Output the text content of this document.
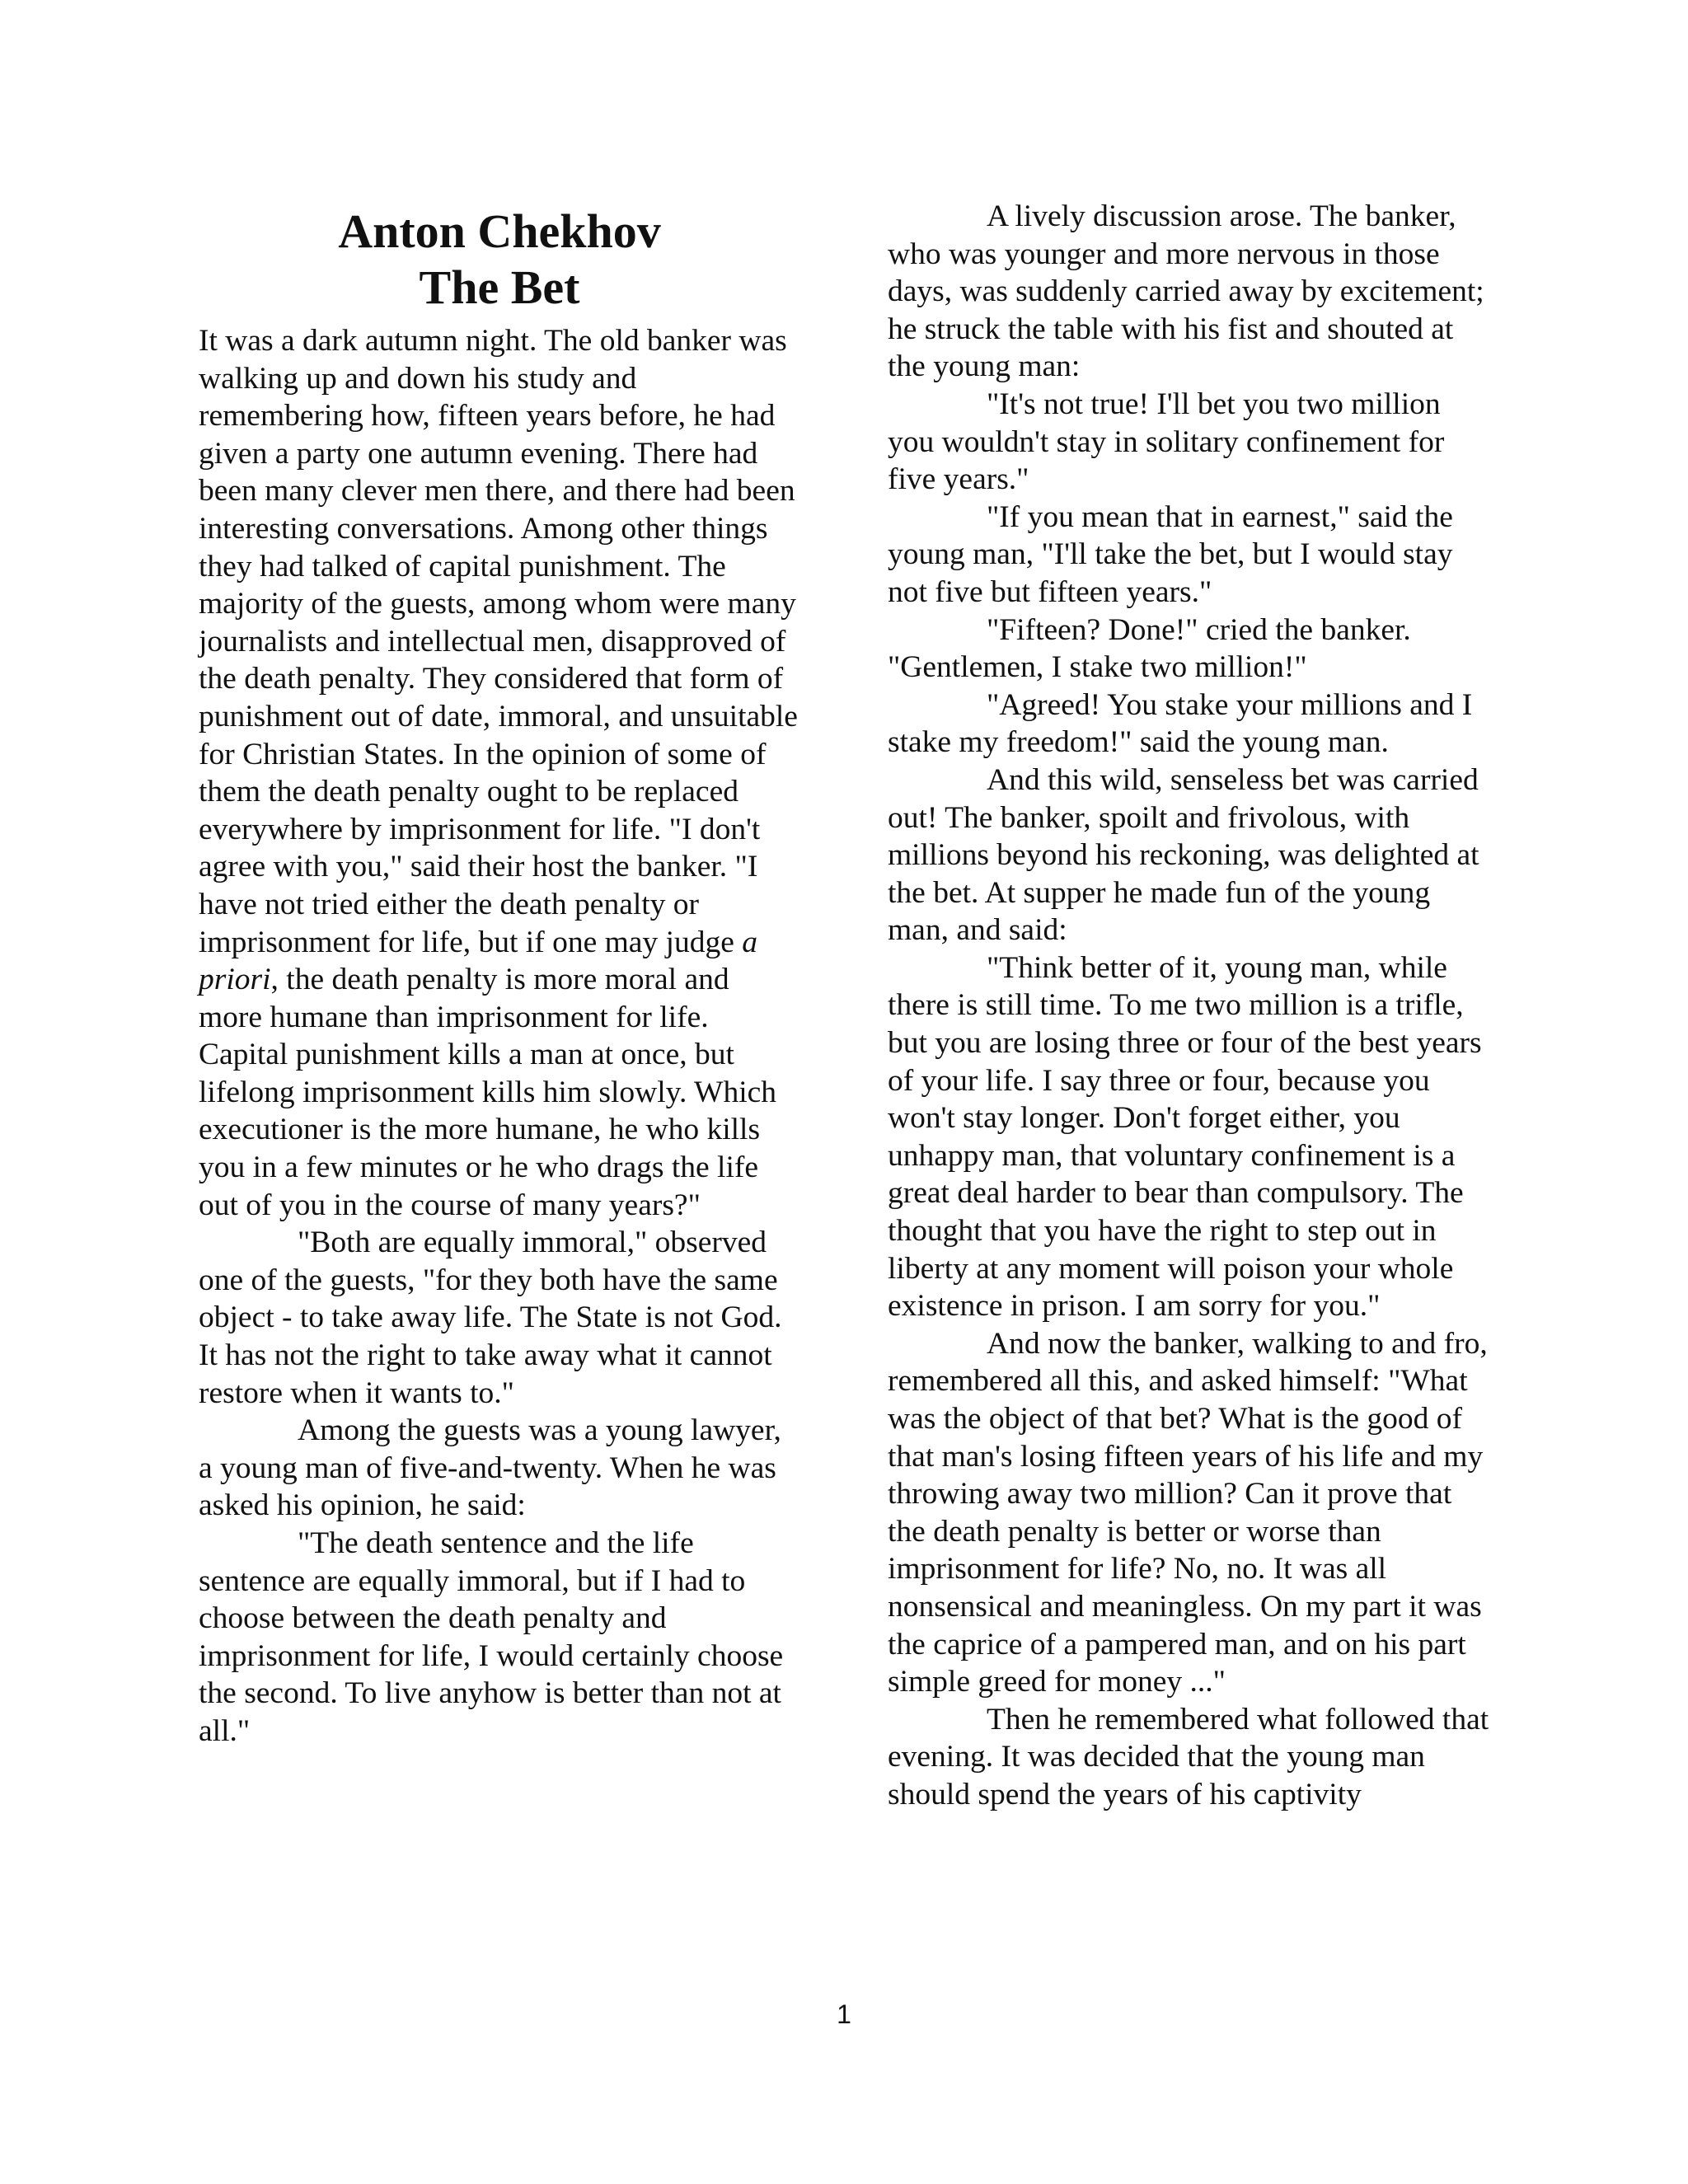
Anton Chekhov
The Bet

It was a dark autumn night. The old banker was walking up and down his study and remembering how, fifteen years before, he had given a party one autumn evening. There had been many clever men there, and there had been interesting conversations. Among other things they had talked of capital punishment. The majority of the guests, among whom were many journalists and intellectual men, disapproved of the death penalty. They considered that form of punishment out of date, immoral, and unsuitable for Christian States. In the opinion of some of them the death penalty ought to be replaced everywhere by imprisonment for life. "I don't agree with you," said their host the banker. "I have not tried either the death penalty or imprisonment for life, but if one may judge a priori, the death penalty is more moral and more humane than imprisonment for life. Capital punishment kills a man at once, but lifelong imprisonment kills him slowly. Which executioner is the more humane, he who kills you in a few minutes or he who drags the life out of you in the course of many years?"

"Both are equally immoral," observed one of the guests, "for they both have the same object - to take away life. The State is not God. It has not the right to take away what it cannot restore when it wants to."

Among the guests was a young lawyer, a young man of five-and-twenty. When he was asked his opinion, he said:

"The death sentence and the life sentence are equally immoral, but if I had to choose between the death penalty and imprisonment for life, I would certainly choose the second. To live anyhow is better than not at all."

A lively discussion arose. The banker, who was younger and more nervous in those days, was suddenly carried away by excitement; he struck the table with his fist and shouted at the young man:

"It's not true! I'll bet you two million you wouldn't stay in solitary confinement for five years."

"If you mean that in earnest," said the young man, "I'll take the bet, but I would stay not five but fifteen years."

"Fifteen? Done!" cried the banker. "Gentlemen, I stake two million!"

"Agreed! You stake your millions and I stake my freedom!" said the young man.

And this wild, senseless bet was carried out! The banker, spoilt and frivolous, with millions beyond his reckoning, was delighted at the bet. At supper he made fun of the young man, and said:

"Think better of it, young man, while there is still time. To me two million is a trifle, but you are losing three or four of the best years of your life. I say three or four, because you won't stay longer. Don't forget either, you unhappy man, that voluntary confinement is a great deal harder to bear than compulsory. The thought that you have the right to step out in liberty at any moment will poison your whole existence in prison. I am sorry for you."

And now the banker, walking to and fro, remembered all this, and asked himself: "What was the object of that bet? What is the good of that man's losing fifteen years of his life and my throwing away two million? Can it prove that the death penalty is better or worse than imprisonment for life? No, no. It was all nonsensical and meaningless. On my part it was the caprice of a pampered man, and on his part simple greed for money ..."

Then he remembered what followed that evening. It was decided that the young man should spend the years of his captivity

1
